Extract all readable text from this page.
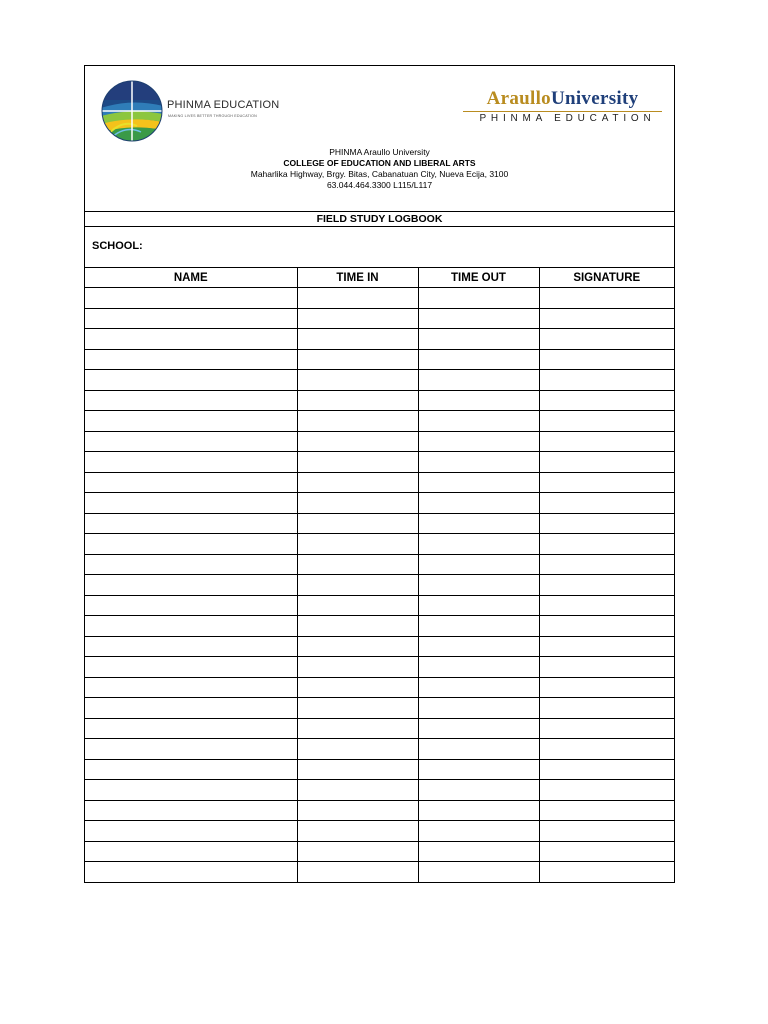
PHINMA EDUCATION
MAKING LIVES BETTER THROUGH EDUCATION
AraulloUniversity
PHINMA EDUCATION
PHINMA Araullo University
COLLEGE OF EDUCATION AND LIBERAL ARTS
Maharlika Highway, Brgy. Bitas, Cabanatuan City, Nueva Ecija, 3100
63.044.464.3300 L115/L117
FIELD STUDY LOGBOOK
SCHOOL:
NAME	TIME IN	TIME OUT	SIGNATURE
